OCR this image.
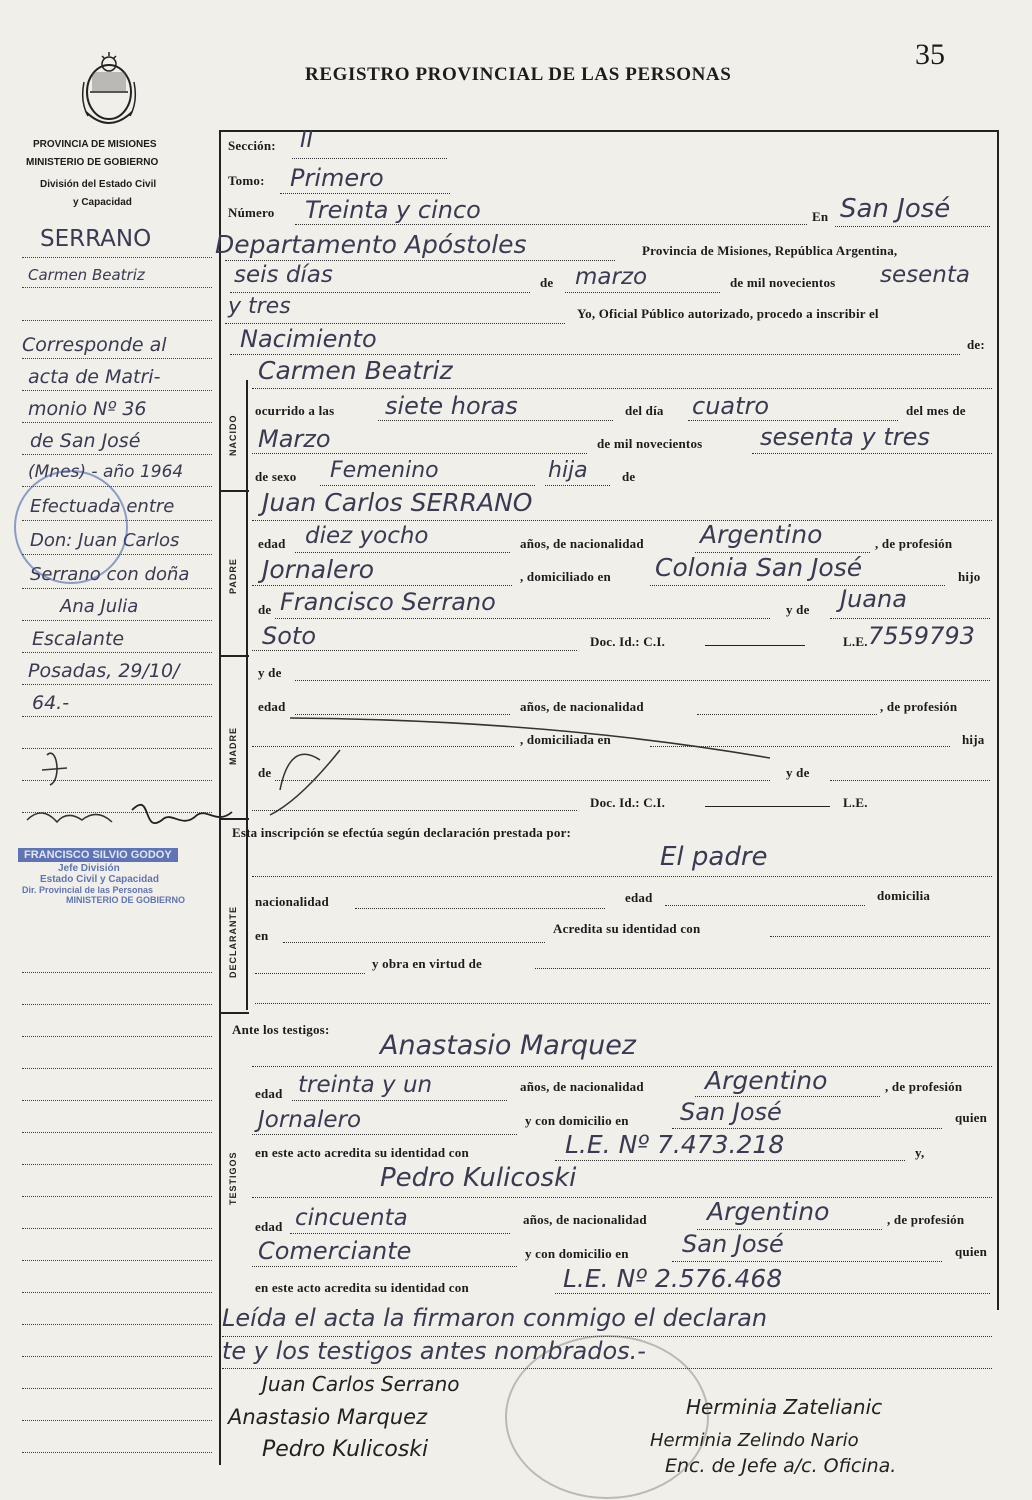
REGISTRO PROVINCIAL DE LAS PERSONAS
35
PROVINCIA DE MISIONES
MINISTERIO DE GOBIERNO
División del Estado Civil
y Capacidad
NACIDO
PADRE
MADRE
DECLARANTE
TESTIGOS
Sección: II
Tomo: Primero
Número Treinta y cinco	En San José
Departamento Apóstoles	Provincia de Misiones, República Argentina,
seis días	de marzo	de mil novecientos sesenta
y tres	Yo, Oficial Público autorizado, procedo a inscribir el
Nacimiento	de:
Carmen Beatriz
ocurrido a las siete horas	del día cuatro	del mes de
Marzo	de mil novecientos sesenta y tres
de sexo Femenino	hija	de
Juan Carlos SERRANO
edad diez yocho	años, de nacionalidad Argentino	, de profesión
Jornalero	, domiciliado en Colonia San José	hijo
de Francisco Serrano	y de Juana
Soto	Doc. Id.: C.I.	L.E. 7559793
y de
edad	años, de nacionalidad	, de profesión
, domiciliada en	hija
de	y de
Doc. Id.: C.I.	L.E.
Esta inscripción se efectúa según declaración prestada por:
El padre
nacionalidad	edad	domicilia
en	Acredita su identidad con
y obra en virtud de
Ante los testigos:
Anastasio Marquez
edad treinta y un	años, de nacionalidad Argentino	, de profesión
Jornalero	y con domicilio en San José	quien
en este acto acredita su identidad con	L.E. Nº 7.473.218	y,
Pedro Kulicoski
edad cincuenta	años, de nacionalidad Argentino	, de profesión
Comerciante	y con domicilio en San José	quien
en este acto acredita su identidad con	L.E. Nº 2.576.468
Leída el acta la firmaron conmigo el declaran
te y los testigos antes nombrados.-
Juan Carlos Serrano
Anastasio Marquez
Pedro Kulicoski
Herminia Zatelianic
Herminia Zelindo Nario
Enc. de Jefe a/c. Oficina.
SERRANO
Carmen Beatriz
Corresponde al
acta de Matri-
monio Nº 36
de San José
(Mnes) - año 1964
Efectuada entre
Don: Juan Carlos
Serrano con doña
Ana Julia
Escalante
Posadas, 29/10/
64.-
FRANCISCO SILVIO GODOY

Jefe División
Estado Civil y Capacidad
Dir. Provincial de las Personas
MINISTERIO DE GOBIERNO
